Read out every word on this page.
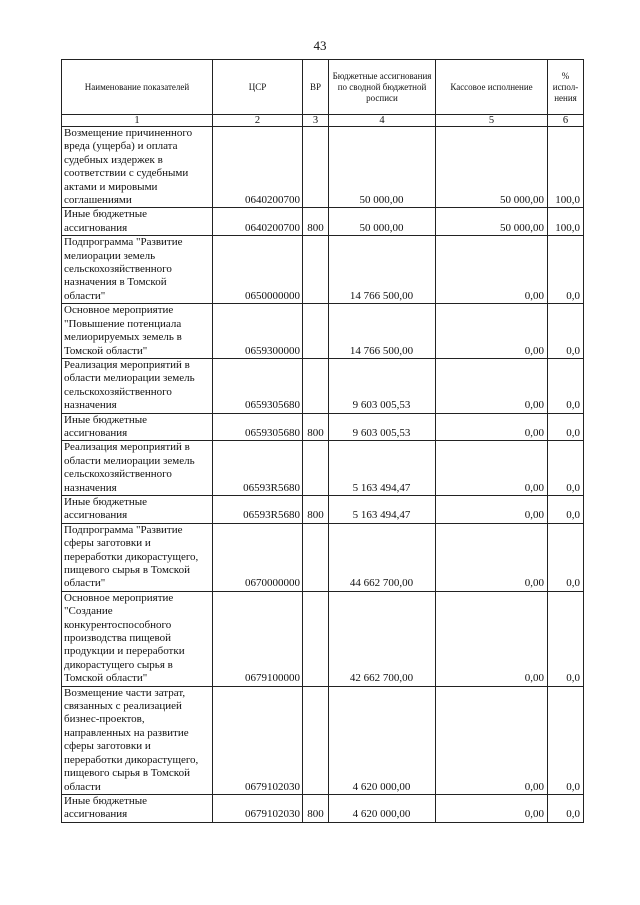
43
Наименование показателей	ЦСР	ВР	Бюджетные ассигнования по сводной бюджетной росписи	Кассовое исполнение	% испол-нения
1	2	3	4	5	6
Возмещение причиненного вреда (ущерба) и оплата судебных издержек в соответствии с судебными актами и мировыми соглашениями	0640200700		50 000,00	50 000,00	100,0
Иные бюджетные ассигнования	0640200700	800	50 000,00	50 000,00	100,0
Подпрограмма "Развитие мелиорации земель сельскохозяйственного назначения в Томской области"	0650000000		14 766 500,00	0,00	0,0
Основное мероприятие "Повышение потенциала мелиорируемых земель в Томской области"	0659300000		14 766 500,00	0,00	0,0
Реализация мероприятий в области мелиорации земель сельскохозяйственного назначения	0659305680		9 603 005,53	0,00	0,0
Иные бюджетные ассигнования	0659305680	800	9 603 005,53	0,00	0,0
Реализация мероприятий в области мелиорации земель сельскохозяйственного назначения	06593R5680		5 163 494,47	0,00	0,0
Иные бюджетные ассигнования	06593R5680	800	5 163 494,47	0,00	0,0
Подпрограмма "Развитие сферы заготовки и переработки дикорастущего, пищевого сырья в Томской области"	0670000000		44 662 700,00	0,00	0,0
Основное мероприятие "Создание конкурентоспособного производства пищевой продукции и переработки дикорастущего сырья в Томской области"	0679100000		42 662 700,00	0,00	0,0
Возмещение части затрат, связанных с реализацией бизнес-проектов, направленных на развитие сферы заготовки и переработки дикорастущего, пищевого сырья в Томской области	0679102030		4 620 000,00	0,00	0,0
Иные бюджетные ассигнования	0679102030	800	4 620 000,00	0,00	0,0
